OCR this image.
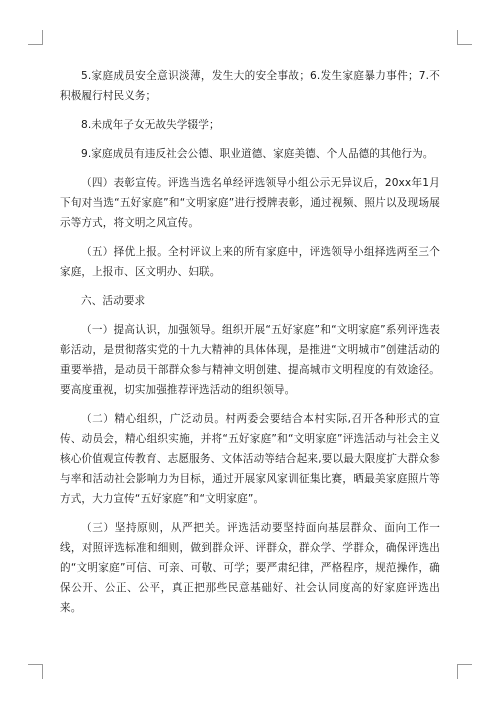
5.家庭成员安全意识淡薄，发生大的安全事故；6.发生家庭暴力事件；7.不积极履行村民义务；

8.未成年子女无故失学辍学；

9.家庭成员有违反社会公德、职业道德、家庭美德、个人品德的其他行为。

（四）表彰宣传。评选当选名单经评选领导小组公示无异议后，20xx年1月下旬对当选“五好家庭”和“文明家庭”进行授牌表彰，通过视频、照片以及现场展示等方式，将文明之风宣传。

（五）择优上报。全村评议上来的所有家庭中，评选领导小组择选两至三个家庭，上报市、区文明办、妇联。

六、活动要求

（一）提高认识，加强领导。组织开展“五好家庭”和“文明家庭”系列评选表彰活动，是贯彻落实党的十九大精神的具体体现，是推进“文明城市”创建活动的重要举措，是动员干部群众参与精神文明创建、提高城市文明程度的有效途径。要高度重视，切实加强推荐评选活动的组织领导。

（二）精心组织，广泛动员。村两委会要结合本村实际,召开各种形式的宣传、动员会，精心组织实施，并将“五好家庭”和“文明家庭”评选活动与社会主义核心价值观宣传教育、志愿服务、文体活动等结合起来,要以最大限度扩大群众参与率和活动社会影响力为目标，通过开展家风家训征集比赛，晒最美家庭照片等方式，大力宣传“五好家庭”和“文明家庭”。

（三）坚持原则，从严把关。评选活动要坚持面向基层群众、面向工作一线，对照评选标准和细则，做到群众评、评群众，群众学、学群众，确保评选出的“文明家庭”可信、可亲、可敬、可学；要严肃纪律，严格程序，规范操作，确保公开、公正、公平，真正把那些民意基础好、社会认同度高的好家庭评选出来。
